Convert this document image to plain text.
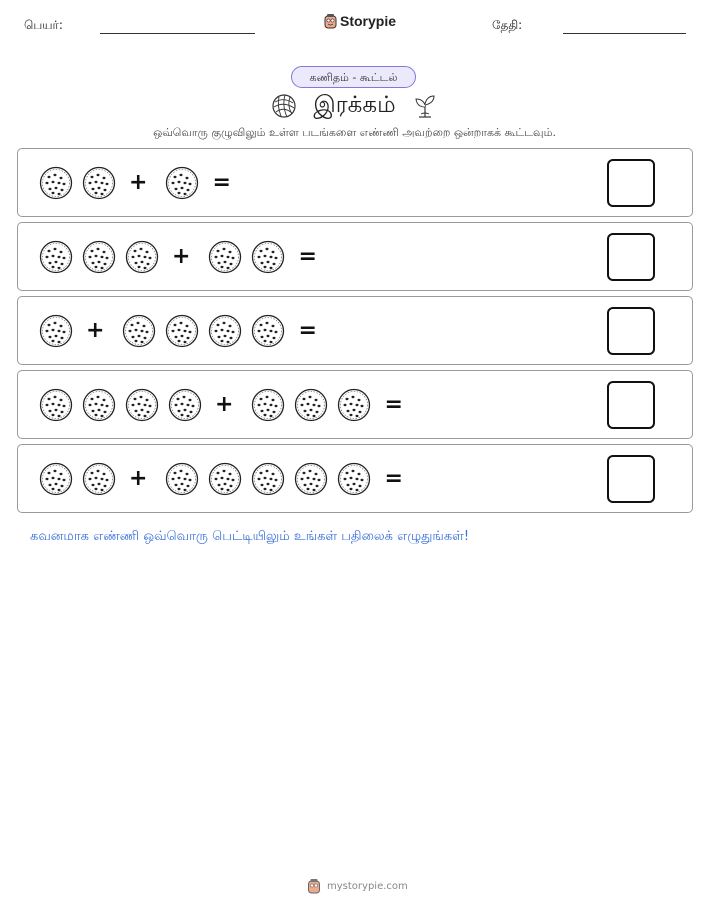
பெயர்:	Storypie	தேதி:
கணிதம் - கூட்டல்
இரக்கம்
ஒவ்வொரு குழுவிலும் உள்ள படங்களை எண்ணி அவற்றை ஒன்றாகக் கூட்டவும்.
+	=
+	=
+	=
+	=
+	=
கவனமாக எண்ணி ஒவ்வொரு பெட்டியிலும் உங்கள் பதிலைக் எழுதுங்கள்!
mystorypie.com
